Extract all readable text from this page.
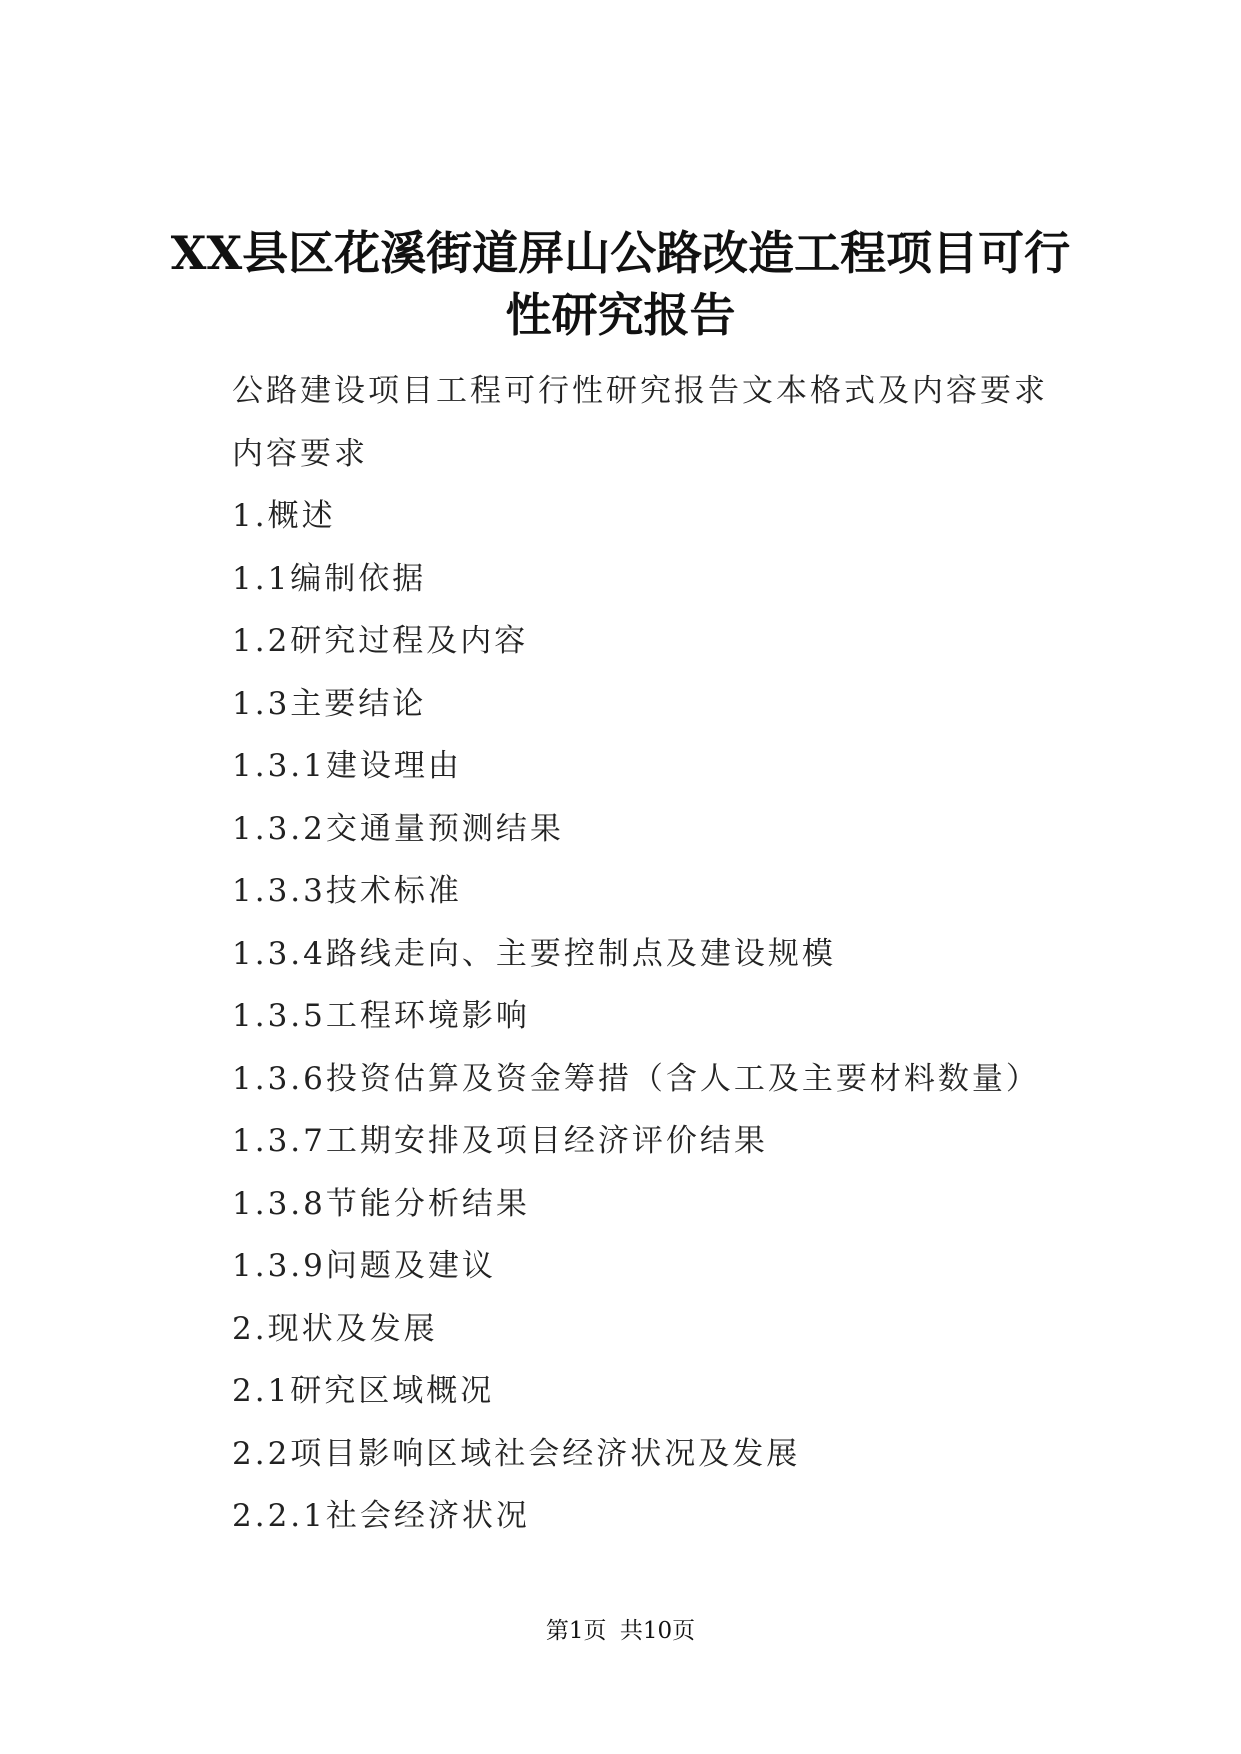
XX县区花溪街道屏山公路改造工程项目可行
性研究报告
公路建设项目工程可行性研究报告文本格式及内容要求
内容要求
1.概述
1.1编制依据
1.2研究过程及内容
1.3主要结论
1.3.1建设理由
1.3.2交通量预测结果
1.3.3技术标准
1.3.4路线走向、主要控制点及建设规模
1.3.5工程环境影响
1.3.6投资估算及资金筹措（含人工及主要材料数量）
1.3.7工期安排及项目经济评价结果
1.3.8节能分析结果
1.3.9问题及建议
2.现状及发展
2.1研究区域概况
2.2项目影响区域社会经济状况及发展
2.2.1社会经济状况
第1页 共10页
